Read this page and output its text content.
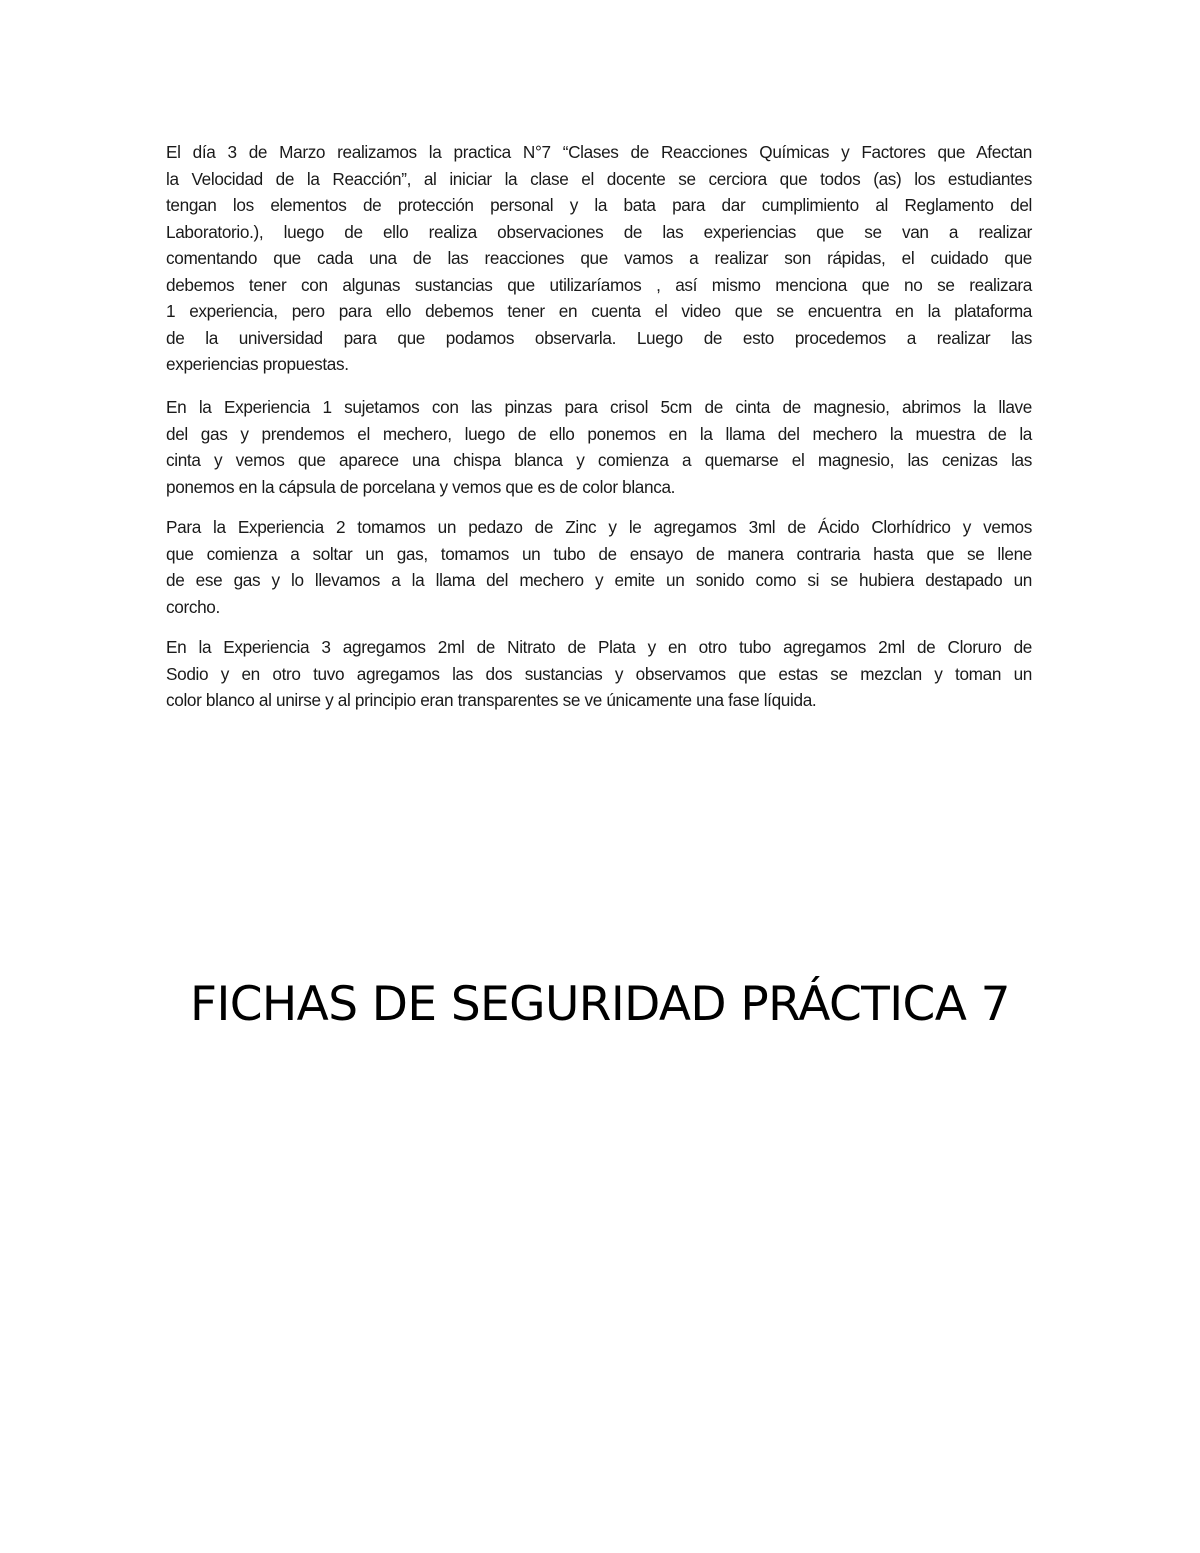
El día 3 de Marzo realizamos la practica N°7 “Clases de Reacciones Químicas y Factores que Afectan
la Velocidad de la Reacción”, al iniciar la clase el docente se cerciora que todos (as) los estudiantes
tengan los elementos de protección personal y la bata para dar cumplimiento al Reglamento del
Laboratorio.), luego de ello realiza observaciones de las experiencias que se van a realizar
comentando que cada una de las reacciones que vamos a realizar son rápidas, el cuidado que
debemos tener con algunas sustancias que utilizaríamos , así mismo menciona que no se realizara
1 experiencia, pero para ello debemos tener en cuenta el video que se encuentra en la plataforma
de la universidad para que podamos observarla. Luego de esto procedemos a realizar las
experiencias propuestas.
En la Experiencia 1 sujetamos con las pinzas para crisol 5cm de cinta de magnesio, abrimos la llave
del gas y prendemos el mechero, luego de ello ponemos en la llama del mechero la muestra de la
cinta y vemos que aparece una chispa blanca y comienza a quemarse el magnesio, las cenizas las
ponemos en la cápsula de porcelana y vemos que es de color blanca.
Para la Experiencia 2 tomamos un pedazo de Zinc y le agregamos 3ml de Ácido Clorhídrico y vemos
que comienza a soltar un gas, tomamos un tubo de ensayo de manera contraria hasta que se llene
de ese gas y lo llevamos a la llama del mechero y emite un sonido como si se hubiera destapado un
corcho.
En la Experiencia 3 agregamos 2ml de Nitrato de Plata y en otro tubo agregamos 2ml de Cloruro de
Sodio y en otro tuvo agregamos las dos sustancias y observamos que estas se mezclan y toman un
color blanco al unirse y al principio eran transparentes se ve únicamente una fase líquida.
FICHAS DE SEGURIDAD PRÁCTICA 7
